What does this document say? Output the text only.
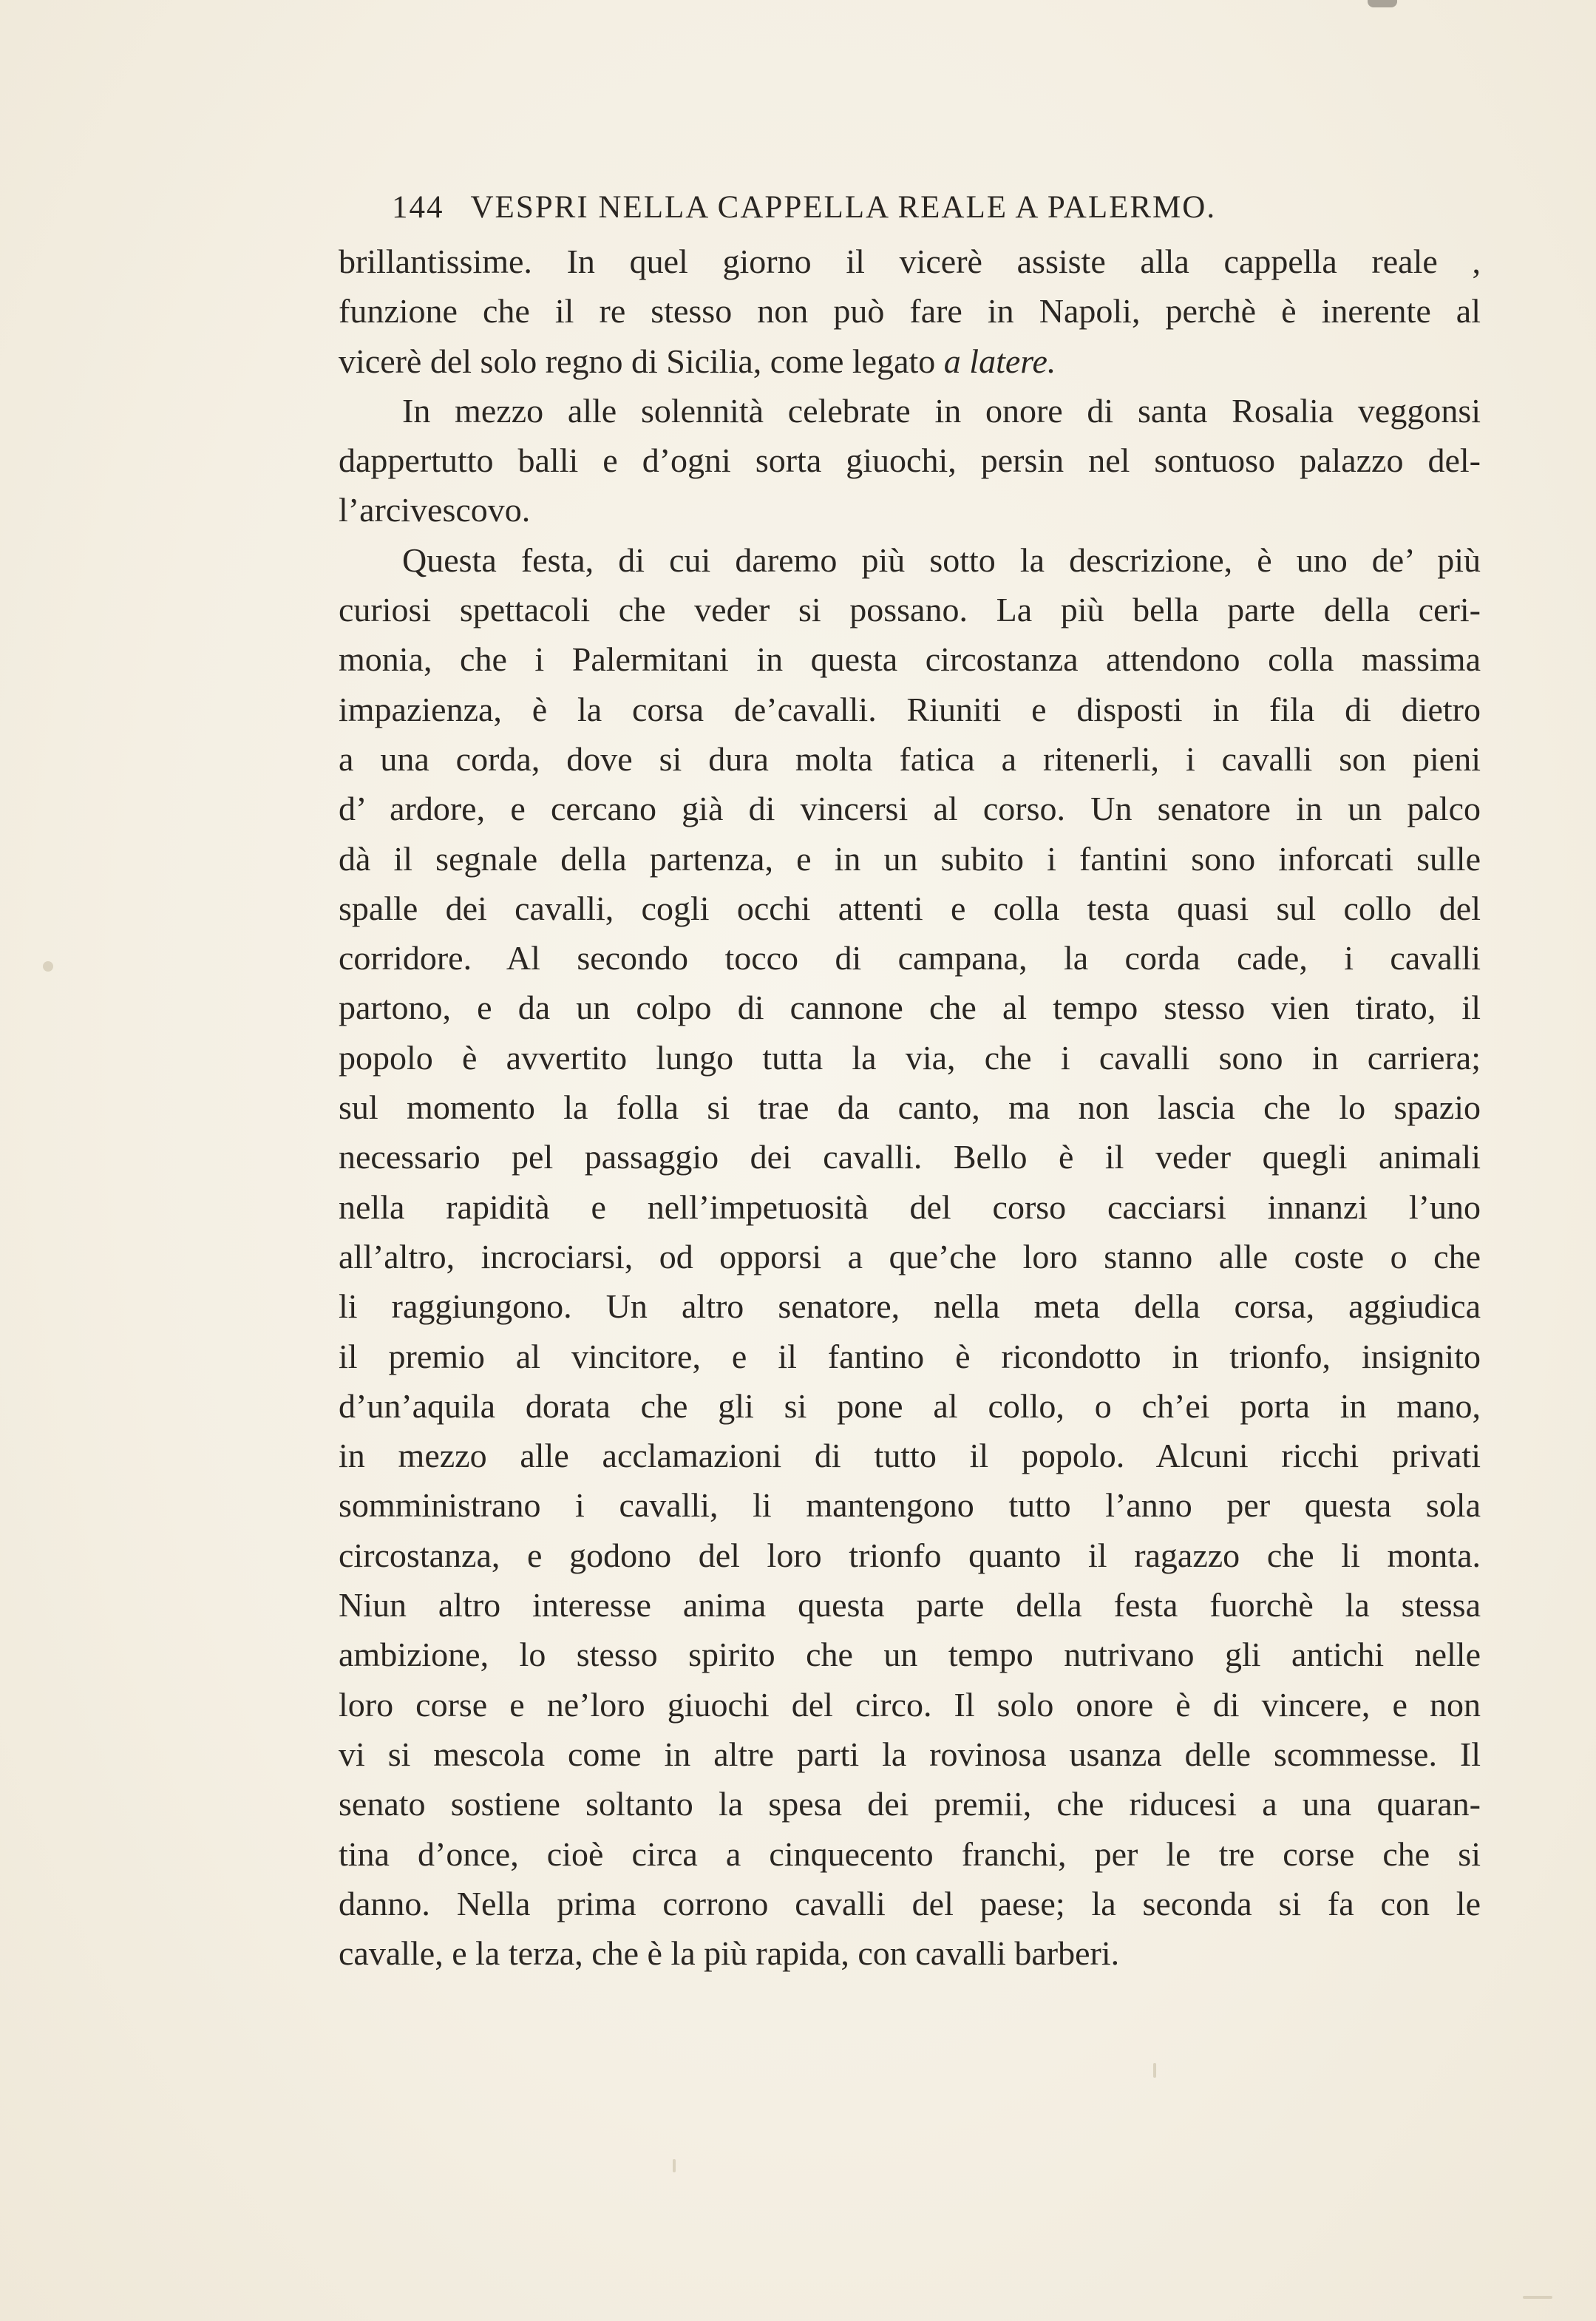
144 VESPRI NELLA CAPPELLA REALE A PALERMO.
brillantissime. In quel giorno il vicerè assiste alla cappella reale ,
funzione che il re stesso non può fare in Napoli, perchè è inerente al
vicerè del solo regno di Sicilia, come legato a latere.
In mezzo alle solennità celebrate in onore di santa Rosalia veggonsi
dappertutto balli e d’ogni sorta giuochi, persin nel sontuoso palazzo del-
l’arcivescovo.
Questa festa, di cui daremo più sotto la descrizione, è uno de’ più
curiosi spettacoli che veder si possano. La più bella parte della ceri-
monia, che i Palermitani in questa circostanza attendono colla massima
impazienza, è la corsa de’cavalli. Riuniti e disposti in fila di dietro
a una corda, dove si dura molta fatica a ritenerli, i cavalli son pieni
d’ ardore, e cercano già di vincersi al corso. Un senatore in un palco
dà il segnale della partenza, e in un subito i fantini sono inforcati sulle
spalle dei cavalli, cogli occhi attenti e colla testa quasi sul collo del
corridore. Al secondo tocco di campana, la corda cade, i cavalli
partono, e da un colpo di cannone che al tempo stesso vien tirato, il
popolo è avvertito lungo tutta la via, che i cavalli sono in carriera;
sul momento la folla si trae da canto, ma non lascia che lo spazio
necessario pel passaggio dei cavalli. Bello è il veder quegli animali
nella rapidità e nell’impetuosità del corso cacciarsi innanzi l’uno
all’altro, incrociarsi, od opporsi a que’che loro stanno alle coste o che
li raggiungono. Un altro senatore, nella meta della corsa, aggiudica
il premio al vincitore, e il fantino è ricondotto in trionfo, insignito
d’un’aquila dorata che gli si pone al collo, o ch’ei porta in mano,
in mezzo alle acclamazioni di tutto il popolo. Alcuni ricchi privati
somministrano i cavalli, li mantengono tutto l’anno per questa sola
circostanza, e godono del loro trionfo quanto il ragazzo che li monta.
Niun altro interesse anima questa parte della festa fuorchè la stessa
ambizione, lo stesso spirito che un tempo nutrivano gli antichi nelle
loro corse e ne’loro giuochi del circo. Il solo onore è di vincere, e non
vi si mescola come in altre parti la rovinosa usanza delle scommesse. Il
senato sostiene soltanto la spesa dei premii, che riducesi a una quaran-
tina d’once, cioè circa a cinquecento franchi, per le tre corse che si
danno. Nella prima corrono cavalli del paese; la seconda si fa con le
cavalle, e la terza, che è la più rapida, con cavalli barberi.
